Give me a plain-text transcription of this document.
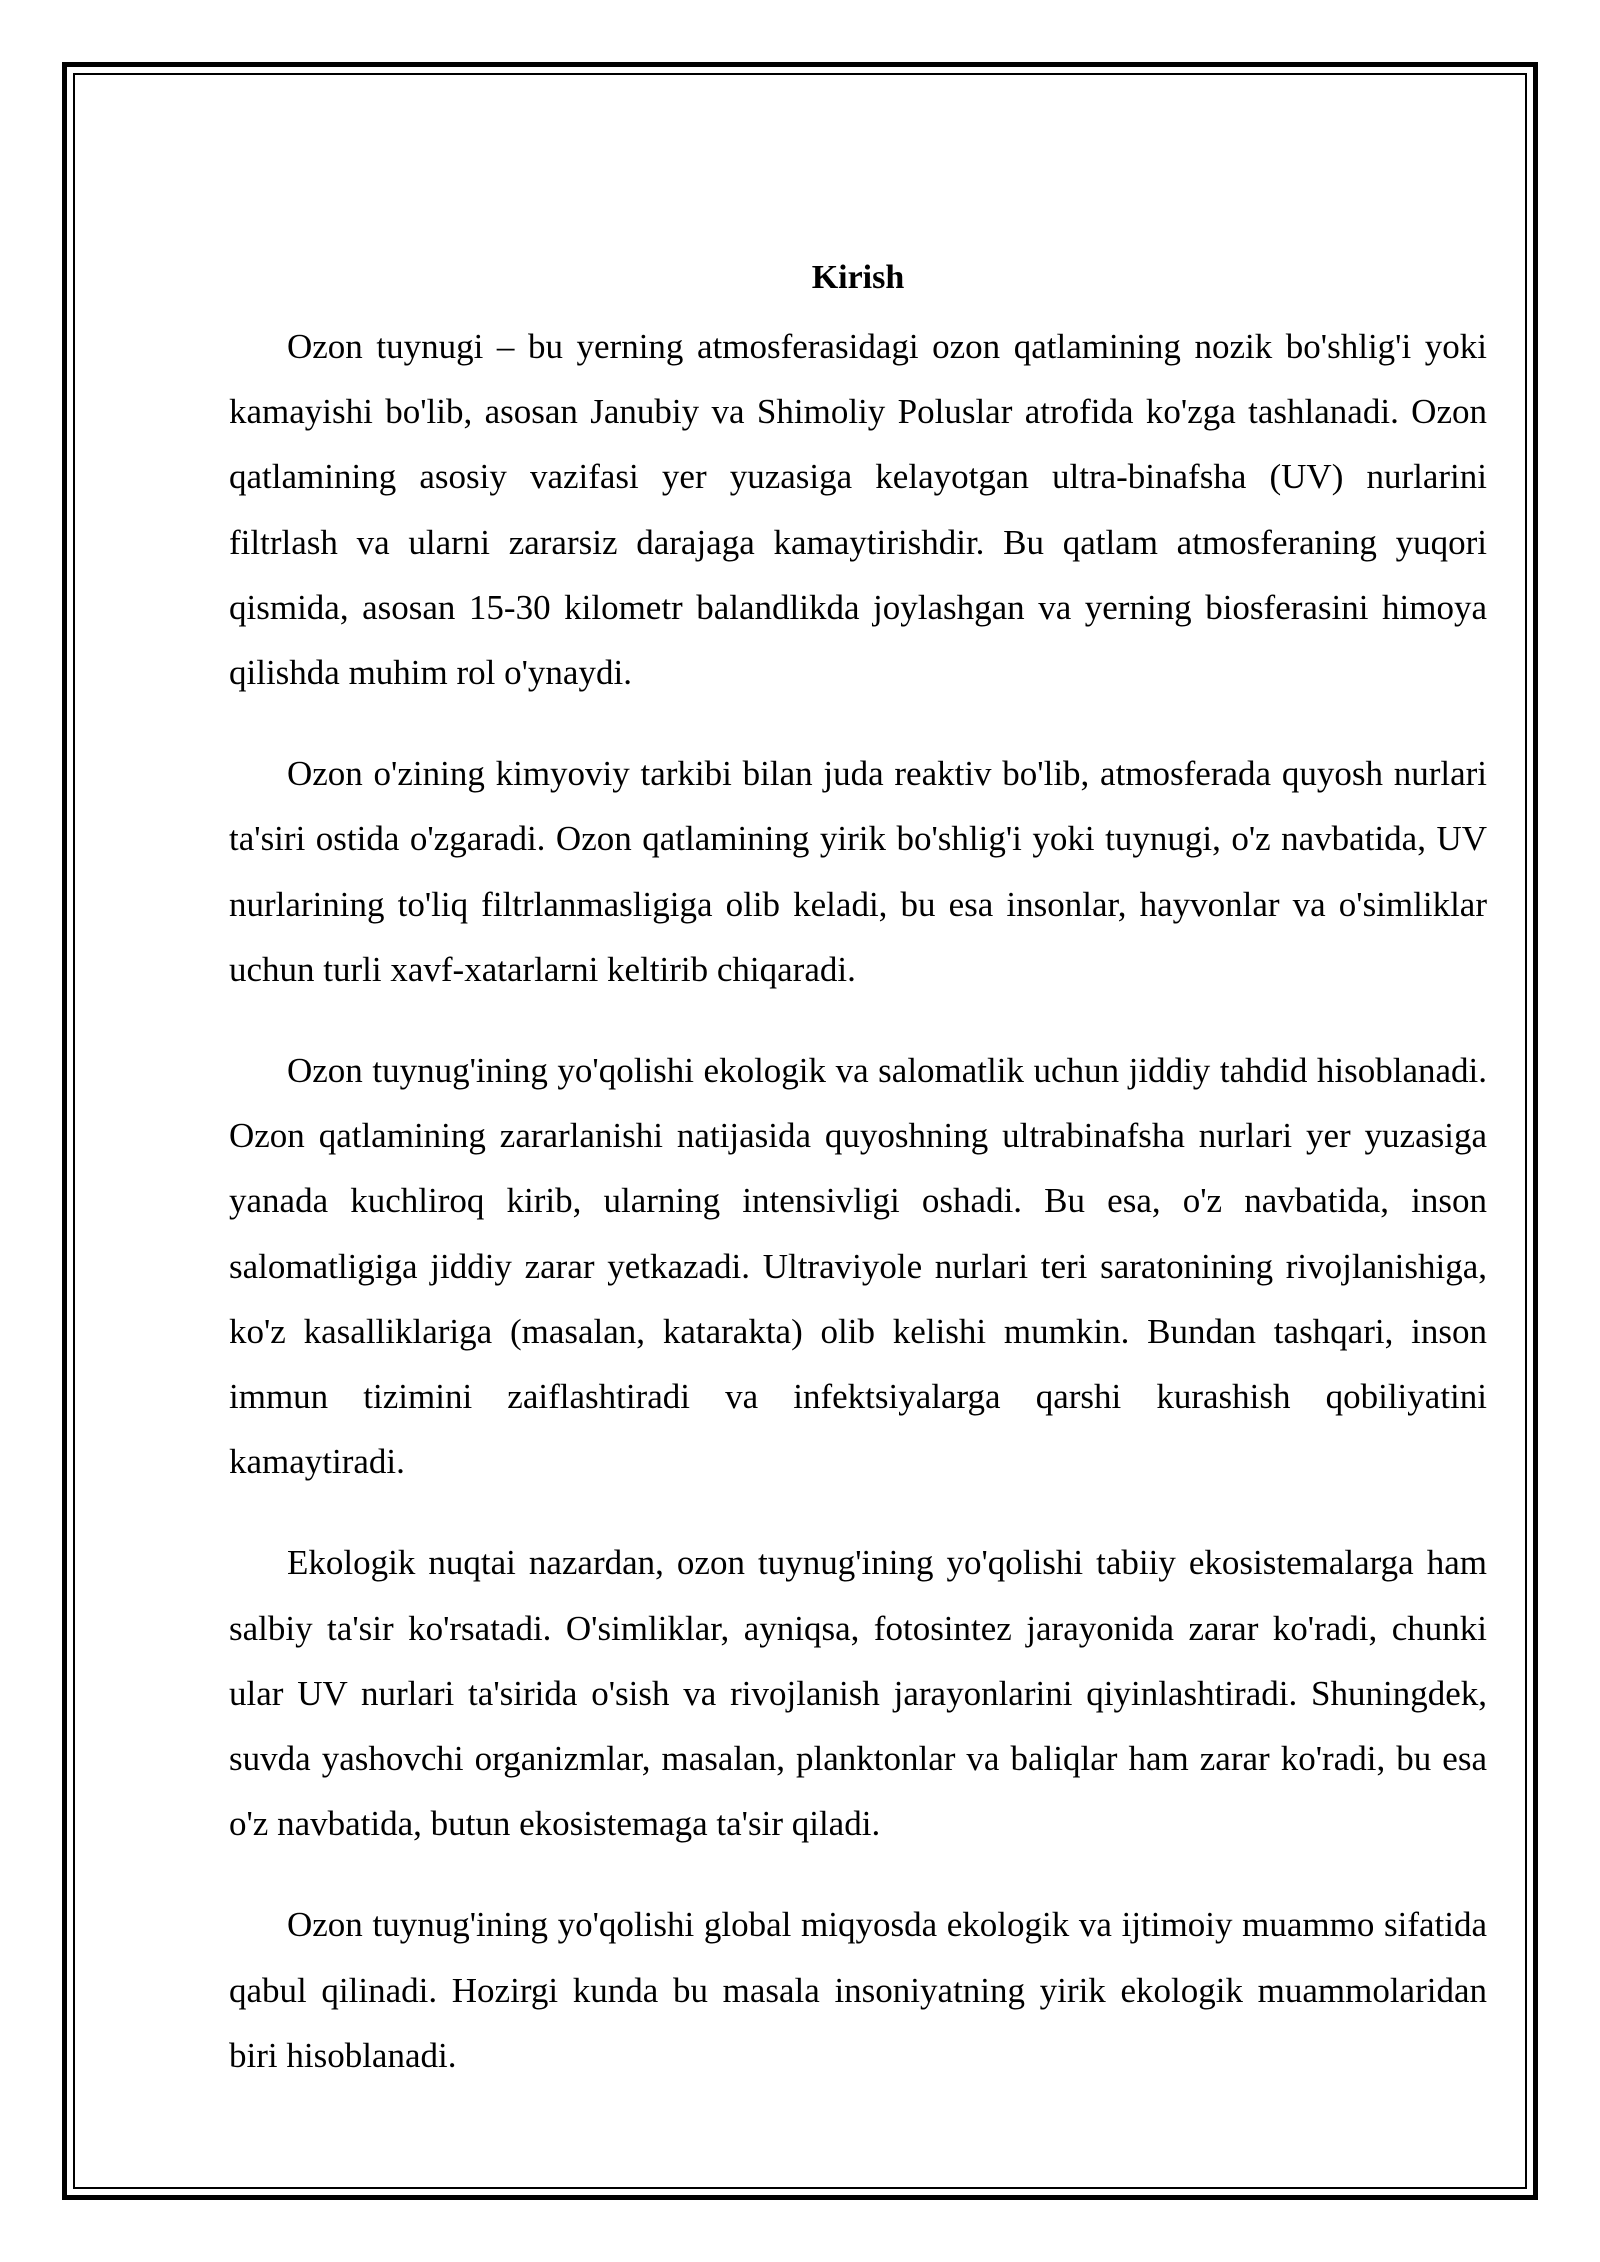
Kirish

Ozon tuynugi – bu yerning atmosferasidagi ozon qatlamining nozik bo'shlig'i yoki kamayishi bo'lib, asosan Janubiy va Shimoliy Poluslar atrofida ko'zga tashlanadi. Ozon qatlamining asosiy vazifasi yer yuzasiga kelayotgan ultra-binafsha (UV) nurlarini filtrlash va ularni zararsiz darajaga kamaytirishdir. Bu qatlam atmosferaning yuqori qismida, asosan 15-30 kilometr balandlikda joylashgan va yerning biosferasini himoya qilishda muhim rol o'ynaydi.

Ozon o'zining kimyoviy tarkibi bilan juda reaktiv bo'lib, atmosferada quyosh nurlari ta'siri ostida o'zgaradi. Ozon qatlamining yirik bo'shlig'i yoki tuynugi, o'z navbatida, UV nurlarining to'liq filtrlanmasligiga olib keladi, bu esa insonlar, hayvonlar va o'simliklar uchun turli xavf-xatarlarni keltirib chiqaradi.

Ozon tuynug'ining yo'qolishi ekologik va salomatlik uchun jiddiy tahdid hisoblanadi. Ozon qatlamining zararlanishi natijasida quyoshning ultrabinafsha nurlari yer yuzasiga yanada kuchliroq kirib, ularning intensivligi oshadi. Bu esa, o'z navbatida, inson salomatligiga jiddiy zarar yetkazadi. Ultraviyole nurlari teri saratonining rivojlanishiga, ko'z kasalliklariga (masalan, katarakta) olib kelishi mumkin. Bundan tashqari, inson immun tizimini zaiflashtiradi va infektsiyalarga qarshi kurashish qobiliyatini kamaytiradi.

Ekologik nuqtai nazardan, ozon tuynug'ining yo'qolishi tabiiy ekosistemalarga ham salbiy ta'sir ko'rsatadi. O'simliklar, ayniqsa, fotosintez jarayonida zarar ko'radi, chunki ular UV nurlari ta'sirida o'sish va rivojlanish jarayonlarini qiyinlashtiradi. Shuningdek, suvda yashovchi organizmlar, masalan, planktonlar va baliqlar ham zarar ko'radi, bu esa o'z navbatida, butun ekosistemaga ta'sir qiladi.

Ozon tuynug'ining yo'qolishi global miqyosda ekologik va ijtimoiy muammo sifatida qabul qilinadi. Hozirgi kunda bu masala insoniyatning yirik ekologik muammolaridan biri hisoblanadi.
